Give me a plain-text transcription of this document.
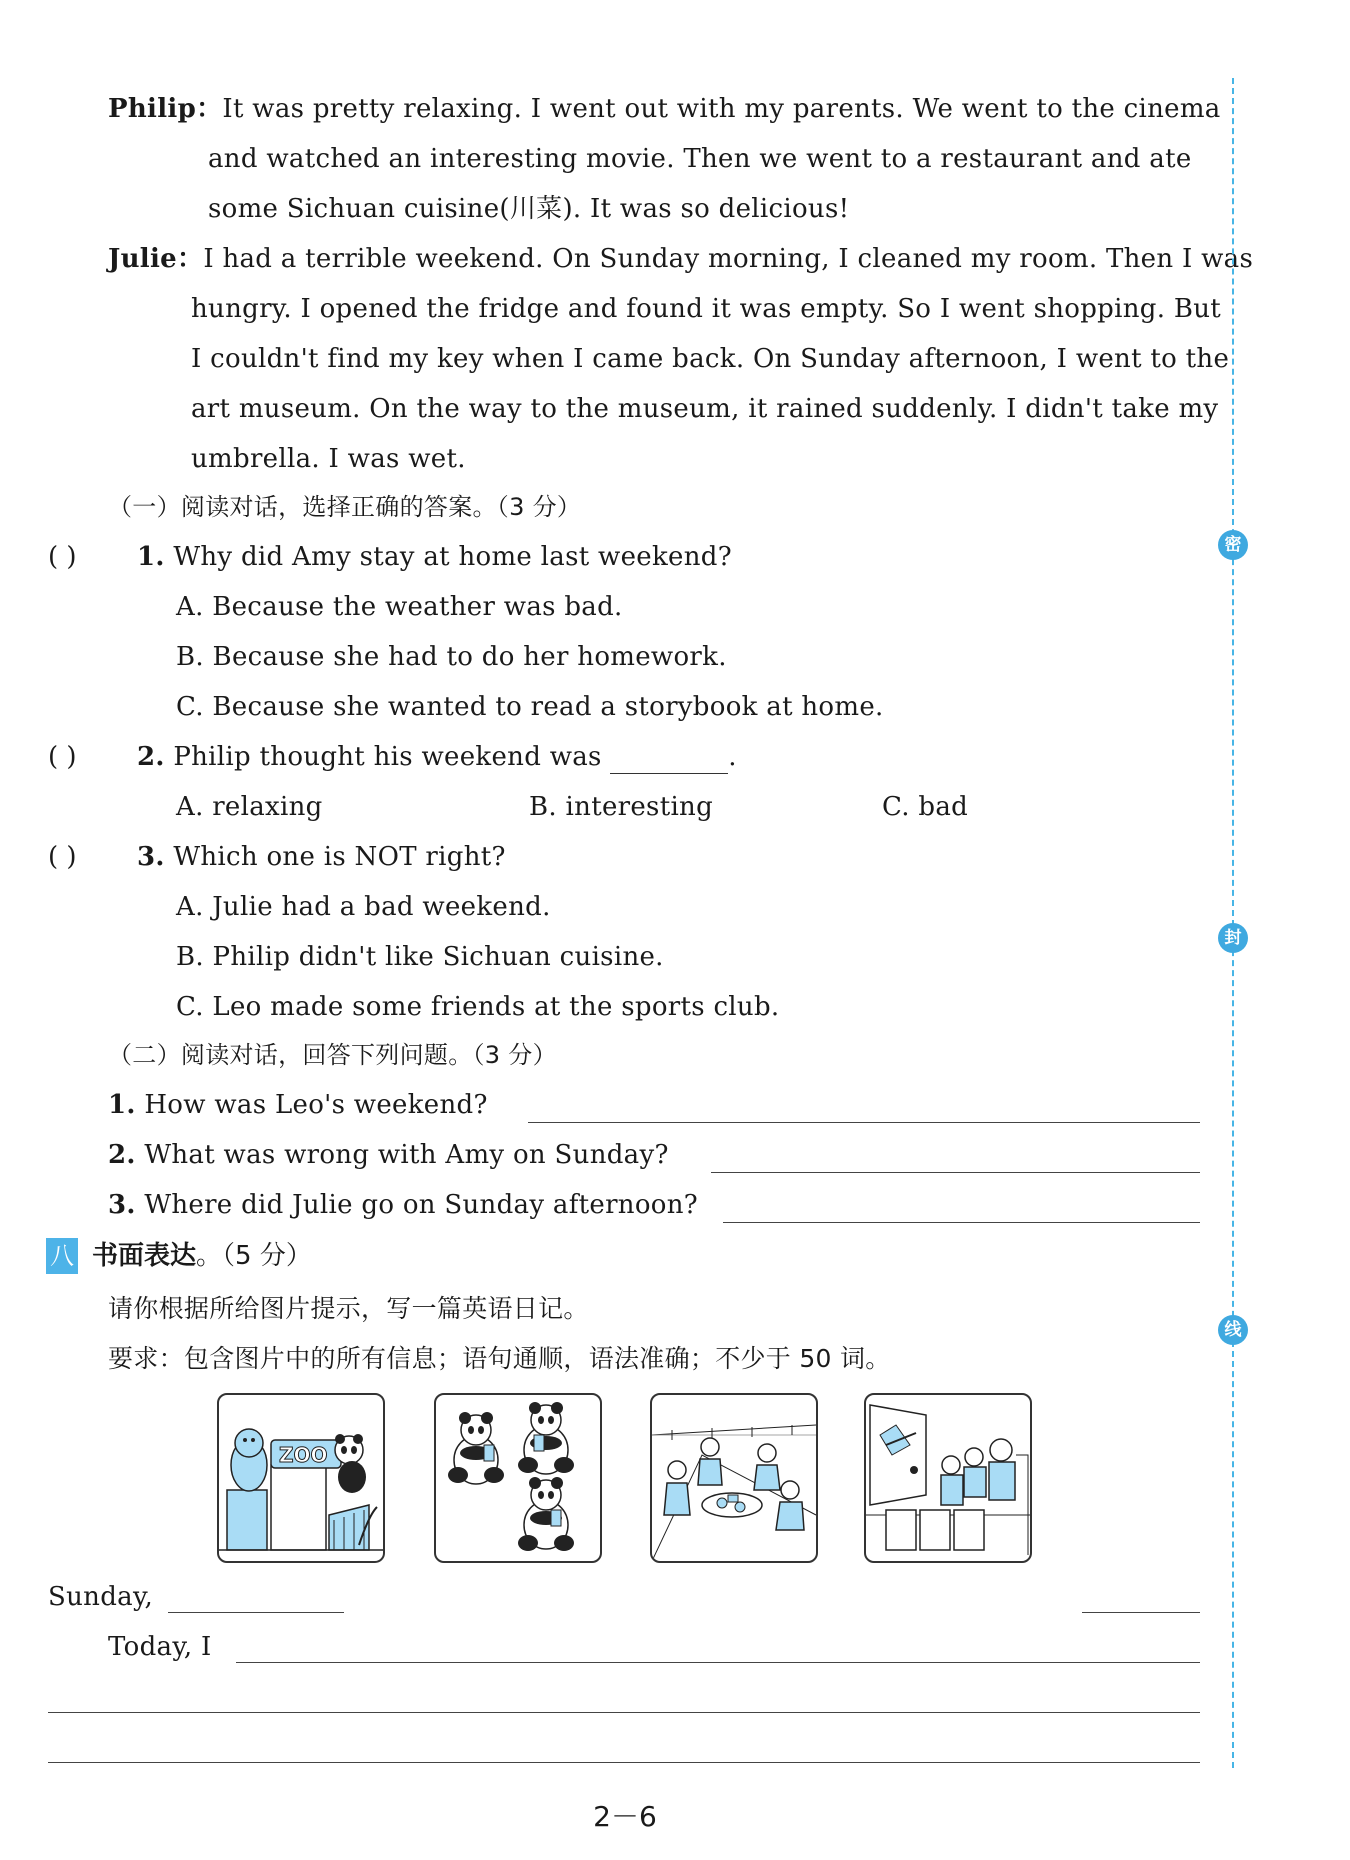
Philip：It was pretty relaxing. I went out with my parents. We went to the cinema
and watched an interesting movie. Then we went to a restaurant and ate
some Sichuan cuisine(川菜). It was so delicious!
Julie：I had a terrible weekend. On Sunday morning, I cleaned my room. Then I was
hungry. I opened the fridge and found it was empty. So I went shopping. But
I couldn't find my key when I came back. On Sunday afternoon, I went to the
art museum. On the way to the museum, it rained suddenly. I didn't take my
umbrella. I was wet.
（一）阅读对话，选择正确的答案。（3 分）
( ) 1. Why did Amy stay at home last weekend?
A. Because the weather was bad.
B. Because she had to do her homework.
C. Because she wanted to read a storybook at home.
( ) 2. Philip thought his weekend was	.
A. relaxing	B. interesting	C. bad
( ) 3. Which one is NOT right?
A. Julie had a bad weekend.
B. Philip didn't like Sichuan cuisine.
C. Leo made some friends at the sports club.
（二）阅读对话，回答下列问题。（3 分）
1. How was Leo's weekend?
2. What was wrong with Amy on Sunday?
3. Where did Julie go on Sunday afternoon?
八 书面表达。（5 分）
请你根据所给图片提示，写一篇英语日记。
要求：包含图片中的所有信息；语句通顺，语法准确；不少于 50 词。
ZOO
Sunday,
Today, I
密
封
线
2－6
